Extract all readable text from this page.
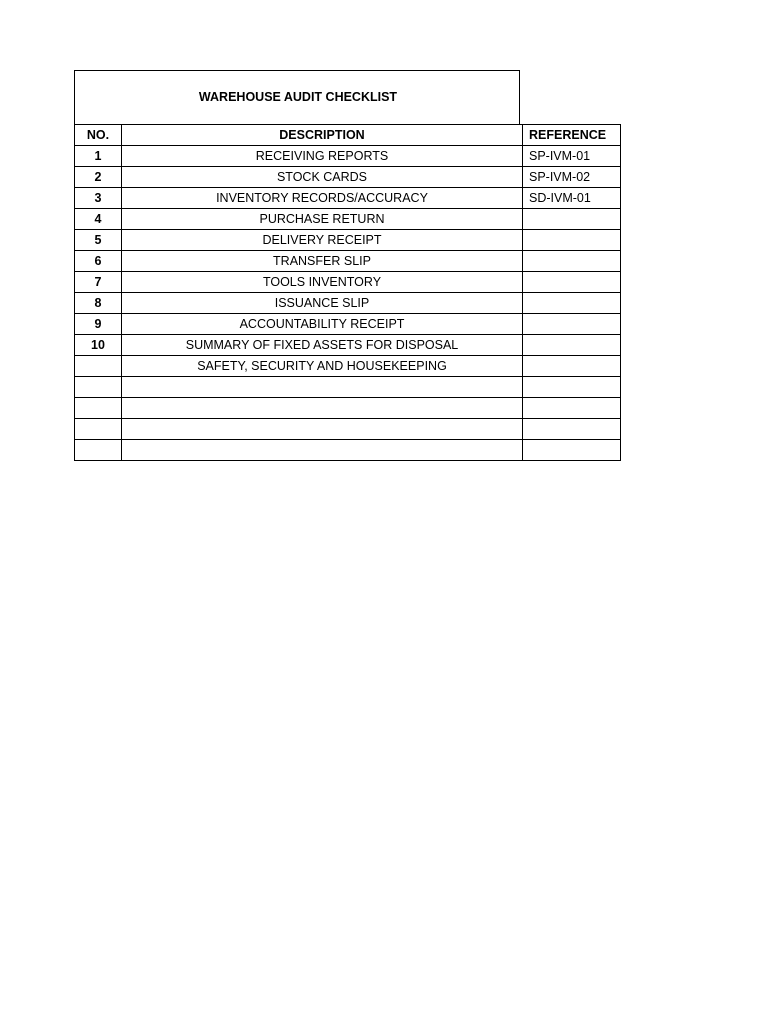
WAREHOUSE AUDIT CHECKLIST
NO.	DESCRIPTION	REFERENCE
1	RECEIVING REPORTS	SP-IVM-01
2	STOCK CARDS	SP-IVM-02
3	INVENTORY RECORDS/ACCURACY	SD-IVM-01
4	PURCHASE RETURN	
5	DELIVERY RECEIPT	
6	TRANSFER SLIP	
7	TOOLS INVENTORY	
8	ISSUANCE SLIP	
9	ACCOUNTABILITY RECEIPT	
10	SUMMARY OF FIXED ASSETS FOR DISPOSAL	
	SAFETY, SECURITY AND HOUSEKEEPING	
